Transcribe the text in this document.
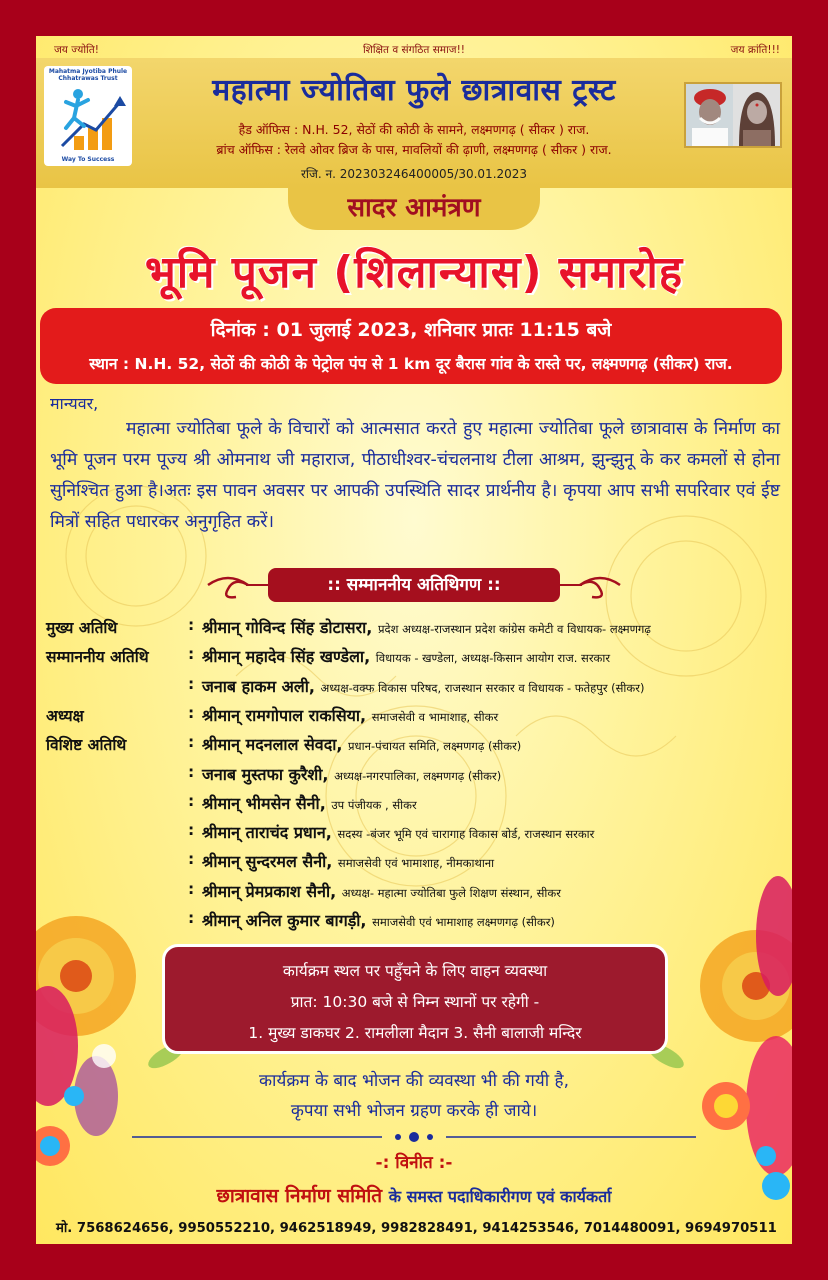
जय ज्योति!	शिक्षित व संगठित समाज!!	जय क्रांति!!!
Mahatma Jyotiba Phule Chhatrawas Trust
Way To Success
महात्मा ज्योतिबा फुले छात्रावास ट्रस्ट
हैड ऑफिस : N.H. 52, सेठों की कोठी के सामने, लक्ष्मणगढ़ ( सीकर ) राज.
ब्रांच ऑफिस : रेलवे ओवर ब्रिज के पास, मावलियों की ढ़ाणी, लक्ष्मणगढ़ ( सीकर ) राज.
रजि. न. 202303246400005/30.01.2023
सादर आमंत्रण
भूमि पूजन (शिलान्यास) समारोह
दिनांक : 01 जुलाई 2023, शनिवार प्रातः 11:15 बजे
स्थान : N.H. 52, सेठों की कोठी के पेट्रोल पंप से 1 km दूर बैरास गांव के रास्ते पर, लक्ष्मणगढ़ (सीकर) राज.
मान्यवर,
महात्मा ज्योतिबा फूले के विचारों को आत्मसात करते हुए महात्मा ज्योतिबा फूले छात्रावास के निर्माण का भूमि पूजन परम पूज्य श्री ओमनाथ जी महाराज, पीठाधीश्वर-चंचलनाथ टीला आश्रम, झुन्झुनू के कर कमलों से होना सुनिश्चित हुआ है।अतः इस पावन अवसर पर आपकी उपस्थिति सादर प्रार्थनीय है। कृपया आप सभी सपरिवार एवं ईष्ट मित्रों सहित पधारकर अनुगृहित करें।
:: सम्माननीय अतिथिगण ::
मुख्य अतिथि	: श्रीमान् गोविन्द सिंह डोटासरा, प्रदेश अध्यक्ष-राजस्थान प्रदेश कांग्रेस कमेटी व विधायक- लक्ष्मणगढ़
सम्माननीय अतिथि	: श्रीमान् महादेव सिंह खण्डेला, विधायक - खण्डेला, अध्यक्ष-किसान आयोग राज. सरकार
: जनाब हाकम अली, अध्यक्ष-वक्फ विकास परिषद, राजस्थान सरकार व विधायक - फतेहपुर (सीकर)
अध्यक्ष	: श्रीमान् रामगोपाल राकसिया, समाजसेवी व भामाशाह, सीकर
विशिष्ट अतिथि	: श्रीमान् मदनलाल सेवदा, प्रधान-पंचायत समिति, लक्ष्मणगढ़ (सीकर)
: जनाब मुस्तफा कुरैशी, अध्यक्ष-नगरपालिका, लक्ष्मणगढ़ (सीकर)
: श्रीमान् भीमसेन सैनी, उप पंजीयक , सीकर
: श्रीमान् ताराचंद प्रधान, सदस्य -बंजर भूमि एवं चारागाह विकास बोर्ड, राजस्थान सरकार
: श्रीमान् सुन्दरमल सैनी, समाजसेवी एवं भामाशाह, नीमकाथाना
: श्रीमान् प्रेमप्रकाश सैनी, अध्यक्ष- महात्मा ज्योतिबा फुले शिक्षण संस्थान, सीकर
: श्रीमान् अनिल कुमार बागड़ी, समाजसेवी एवं भामाशाह लक्ष्मणगढ़ (सीकर)
कार्यक्रम स्थल पर पहुँचने के लिए वाहन व्यवस्था
प्रात: 10:30 बजे से निम्न स्थानों पर रहेगी -
1. मुख्य डाकघर 2. रामलीला मैदान 3. सैनी बालाजी मन्दिर
कार्यक्रम के बाद भोजन की व्यवस्था भी की गयी है,
कृपया सभी भोजन ग्रहण करके ही जाये।
-: विनीत :-
छात्रावास निर्माण समिति के समस्त पदाधिकारीगण एवं कार्यकर्ता
मो. 7568624656, 9950552210, 9462518949, 9982828491, 9414253546, 7014480091, 9694970511
